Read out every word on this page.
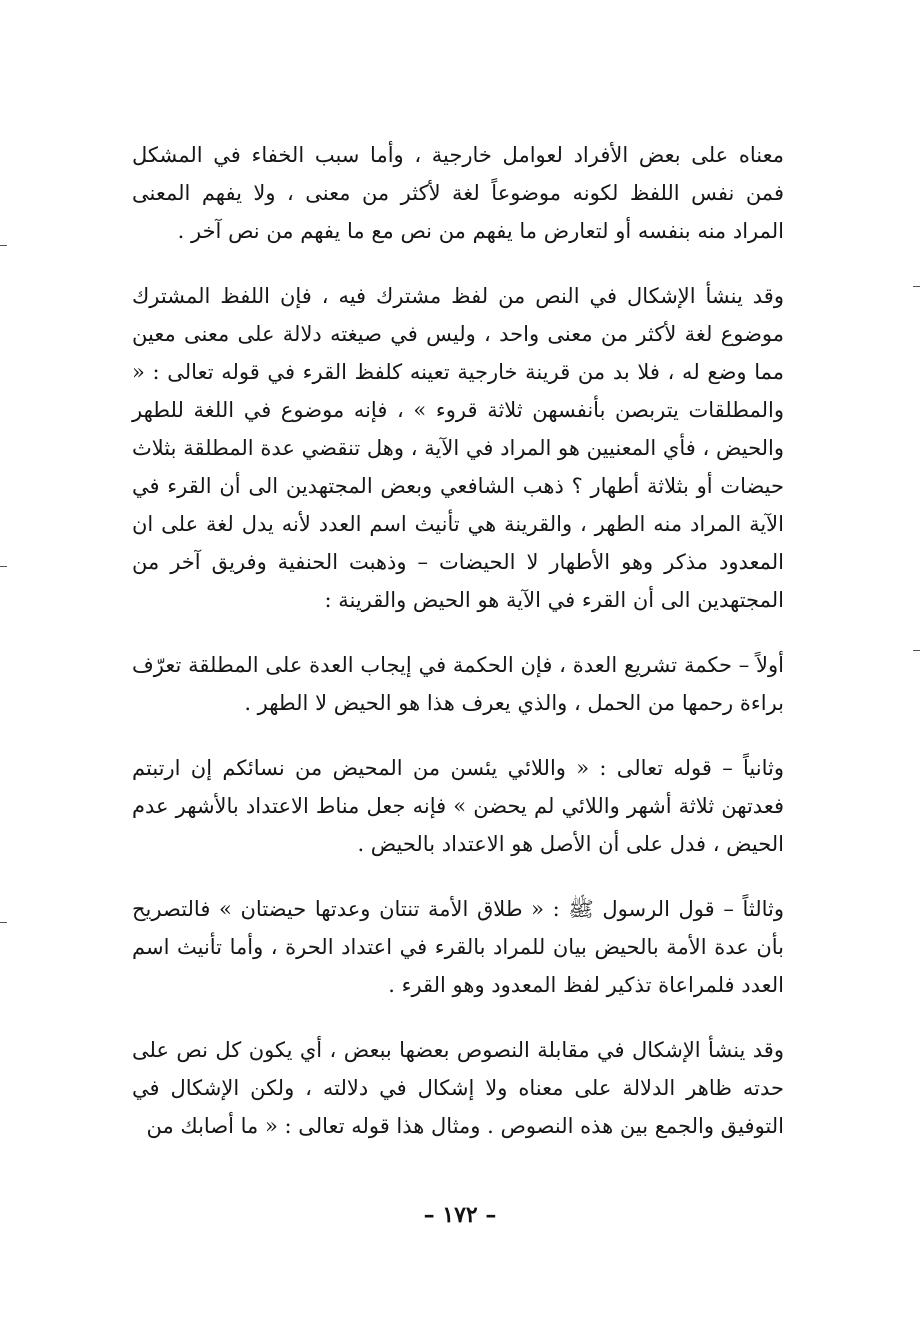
معناه على بعض الأفراد لعوامل خارجية ، وأما سبب الخفاء في المشكل فمن نفس اللفظ لكونه موضوعاً لغة لأكثر من معنى ، ولا يفهم المعنى المراد منه بنفسه أو لتعارض ما يفهم من نص مع ما يفهم من نص آخر .

وقد ينشأ الإشكال في النص من لفظ مشترك فيه ، فإن اللفظ المشترك موضوع لغة لأكثر من معنى واحد ، وليس في صيغته دلالة على معنى معين مما وضع له ، فلا بد من قرينة خارجية تعينه كلفظ القرء في قوله تعالى : « والمطلقات يتربصن بأنفسهن ثلاثة قروء » ، فإنه موضوع في اللغة للطهر والحيض ، فأي المعنيين هو المراد في الآية ، وهل تنقضي عدة المطلقة بثلاث حيضات أو بثلاثة أطهار ؟ ذهب الشافعي وبعض المجتهدين الى أن القرء في الآية المراد منه الطهر ، والقرينة هي تأنيث اسم العدد لأنه يدل لغة على ان المعدود مذكر وهو الأطهار لا الحيضات – وذهبت الحنفية وفريق آخر من المجتهدين الى أن القرء في الآية هو الحيض والقرينة :

أولاً – حكمة تشريع العدة ، فإن الحكمة في إيجاب العدة على المطلقة تعرّف براءة رحمها من الحمل ، والذي يعرف هذا هو الحيض لا الطهر .

وثانياً – قوله تعالى : « واللائي يئسن من المحيض من نسائكم إن ارتبتم فعدتهن ثلاثة أشهر واللائي لم يحضن » فإنه جعل مناط الاعتداد بالأشهر عدم الحيض ، فدل على أن الأصل هو الاعتداد بالحيض .

وثالثاً – قول الرسول ﷺ : « طلاق الأمة تنتان وعدتها حيضتان » فالتصريح بأن عدة الأمة بالحيض بيان للمراد بالقرء في اعتداد الحرة ، وأما تأنيث اسم العدد فلمراعاة تذكير لفظ المعدود وهو القرء .

وقد ينشأ الإشكال في مقابلة النصوص بعضها ببعض ، أي يكون كل نص على حدته ظاهر الدلالة على معناه ولا إشكال في دلالته ، ولكن الإشكال في التوفيق والجمع بين هذه النصوص . ومثال هذا قوله تعالى : « ما أصابك من

– ١٧٢ –
